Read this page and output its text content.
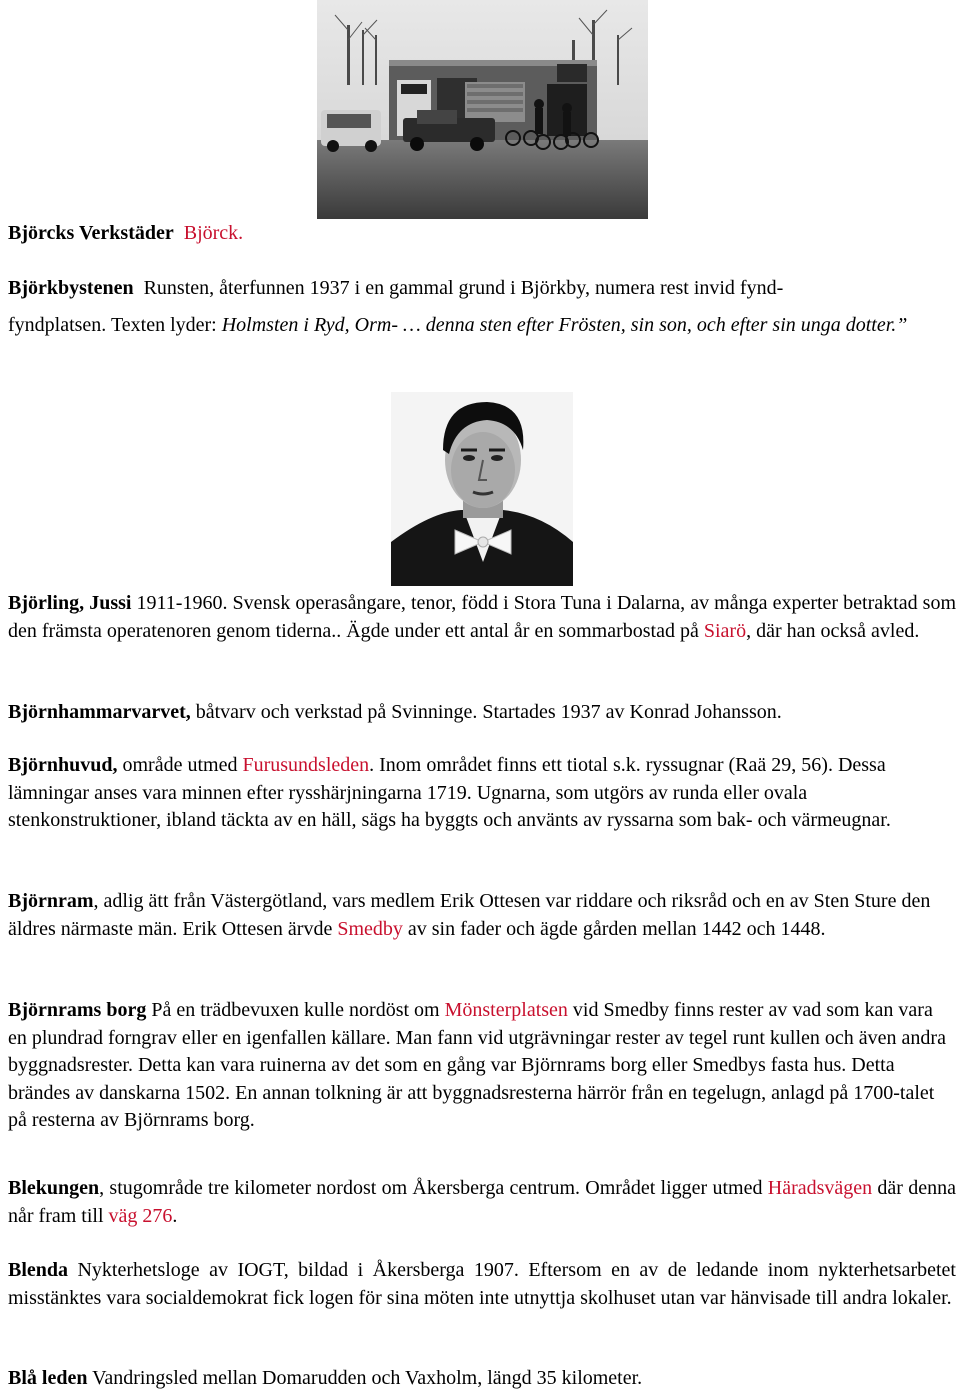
Björcks Verkstäder Björck.

Björkbystenen Runsten, återfunnen 1937 i en gammal grund i Björkby, numera rest invid fynd-
fyndplatsen. Texten lyder: Holmsten i Ryd, Orm- … denna sten efter Frösten, sin son, och efter sin unga dotter.”

Björling, Jussi 1911-1960. Svensk operasångare, tenor, född i Stora Tuna i Dalarna, av många experter betraktad som den främsta operatenoren genom tiderna.. Ägde under ett antal år en sommarbostad på Siarö, där han också avled.

Björnhammarvarvet, båtvarv och verkstad på Svinninge. Startades 1937 av Konrad Johansson.

Björnhuvud, område utmed Furusundsleden. Inom området finns ett tiotal s.k. ryssugnar (Raä 29, 56). Dessa lämningar anses vara minnen efter rysshärjningarna 1719. Ugnarna, som utgörs av runda eller ovala stenkonstruktioner, ibland täckta av en häll, sägs ha byggts och använts av ryssarna som bak- och värmeugnar.

Björnram, adlig ätt från Västergötland, vars medlem Erik Ottesen var riddare och riksråd och en av Sten Sture den äldres närmaste män. Erik Ottesen ärvde Smedby av sin fader och ägde gården mellan 1442 och 1448.

Björnrams borg På en trädbevuxen kulle nordöst om Mönsterplatsen vid Smedby finns rester av vad som kan vara en plundrad forngrav eller en igenfallen källare. Man fann vid utgrävningar rester av tegel runt kullen och även andra byggnadsrester. Detta kan vara ruinerna av det som en gång var Björnrams borg eller Smedbys fasta hus. Detta brändes av danskarna 1502. En annan tolkning är att byggnadsresterna härrör från en tegelugn, anlagd på 1700-talet på resterna av Björnrams borg.

Blekungen, stugområde tre kilometer nordost om Åkersberga centrum. Området ligger utmed Häradsvägen där denna når fram till väg 276.

Blenda Nykterhetsloge av IOGT, bildad i Åkersberga 1907. Eftersom en av de ledande inom nykterhetsarbetet misstänktes vara socialdemokrat fick logen för sina möten inte utnyttja skolhuset utan var hänvisade till andra lokaler.

Blå leden Vandringsled mellan Domarudden och Vaxholm, längd 35 kilometer.
